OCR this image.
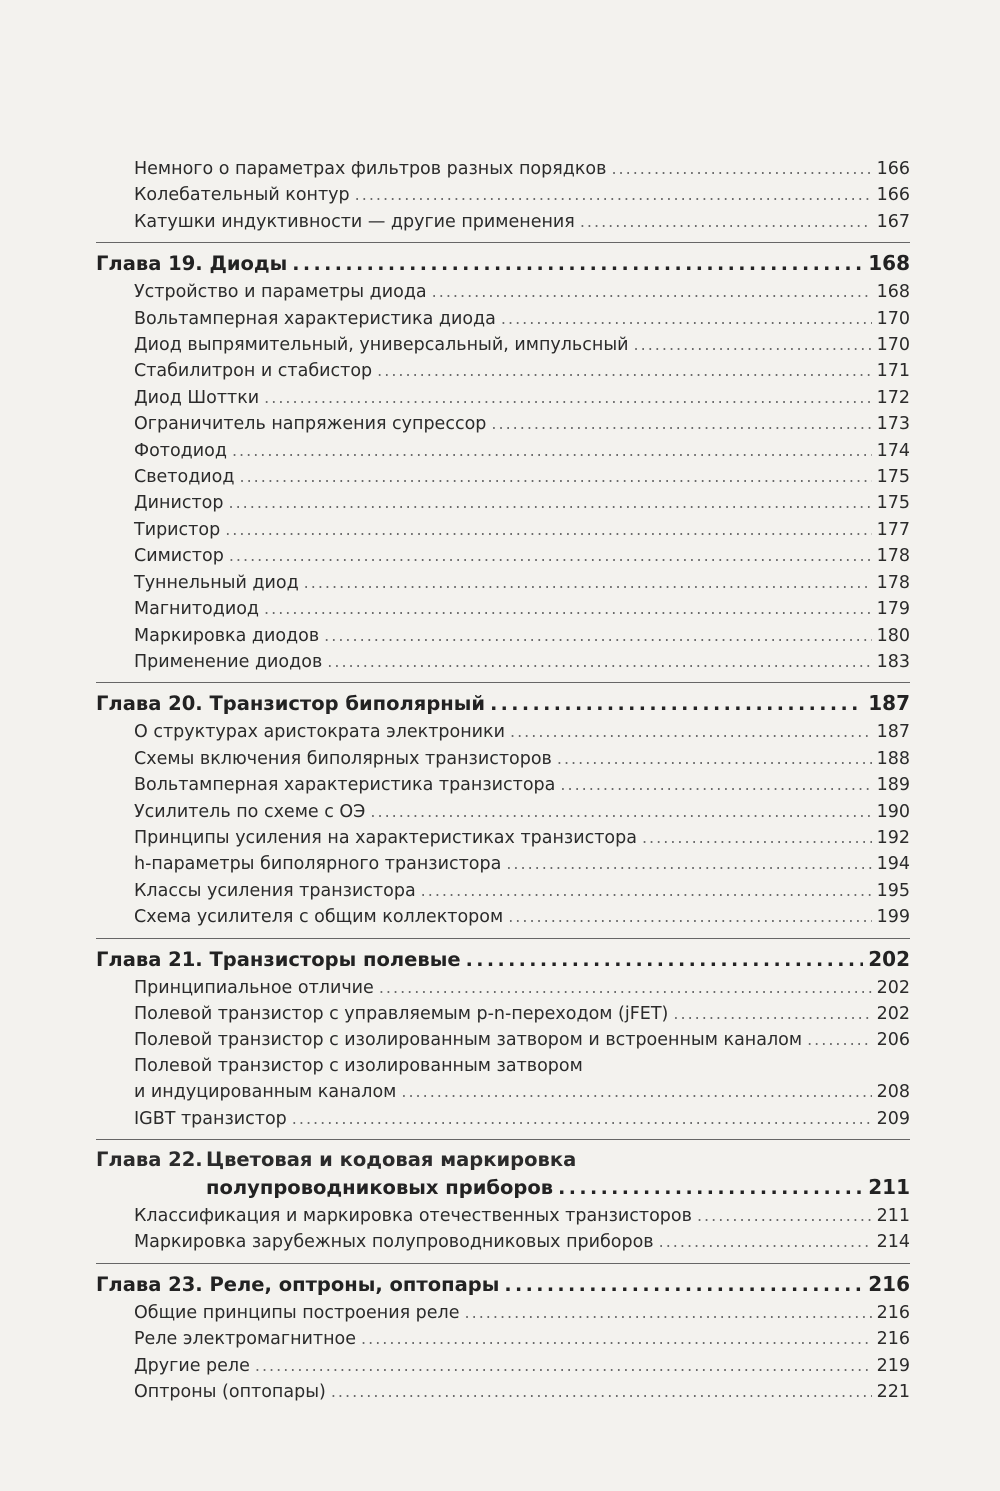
Немного о параметрах фильтров разных порядков .....	166
Колебательный контур .....	166
Катушки индуктивности — другие применения .....	167
Глава 19. Диоды .....	168
Устройство и параметры диода .....	168
Вольтамперная характеристика диода .....	170
Диод выпрямительный, универсальный, импульсный .....	170
Стабилитрон и стабистор .....	171
Диод Шоттки .....	172
Ограничитель напряжения супрессор .....	173
Фотодиод .....	174
Светодиод .....	175
Динистор .....	175
Тиристор .....	177
Симистор .....	178
Туннельный диод .....	178
Магнитодиод .....	179
Маркировка диодов .....	180
Применение диодов .....	183
Глава 20. Транзистор биполярный .....	187
О структурах аристократа электроники .....	187
Схемы включения биполярных транзисторов .....	188
Вольтамперная характеристика транзистора .....	189
Усилитель по схеме с ОЭ .....	190
Принципы усиления на характеристиках транзистора .....	192
h-параметры биполярного транзистора .....	194
Классы усиления транзистора .....	195
Схема усилителя с общим коллектором .....	199
Глава 21. Транзисторы полевые .....	202
Принципиальное отличие .....	202
Полевой транзистор с управляемым p-n-переходом (jFET) .....	202
Полевой транзистор с изолированным затвором и встроенным каналом .....	206
Полевой транзистор с изолированным затвором
и индуцированным каналом .....	208
IGBT транзистор .....	209
Глава 22. Цветовая и кодовая маркировка
полупроводниковых приборов .....	211
Классификация и маркировка отечественных транзисторов .....	211
Маркировка зарубежных полупроводниковых приборов .....	214
Глава 23. Реле, оптроны, оптопары .....	216
Общие принципы построения реле .....	216
Реле электромагнитное .....	216
Другие реле .....	219
Оптроны (оптопары) .....	221
